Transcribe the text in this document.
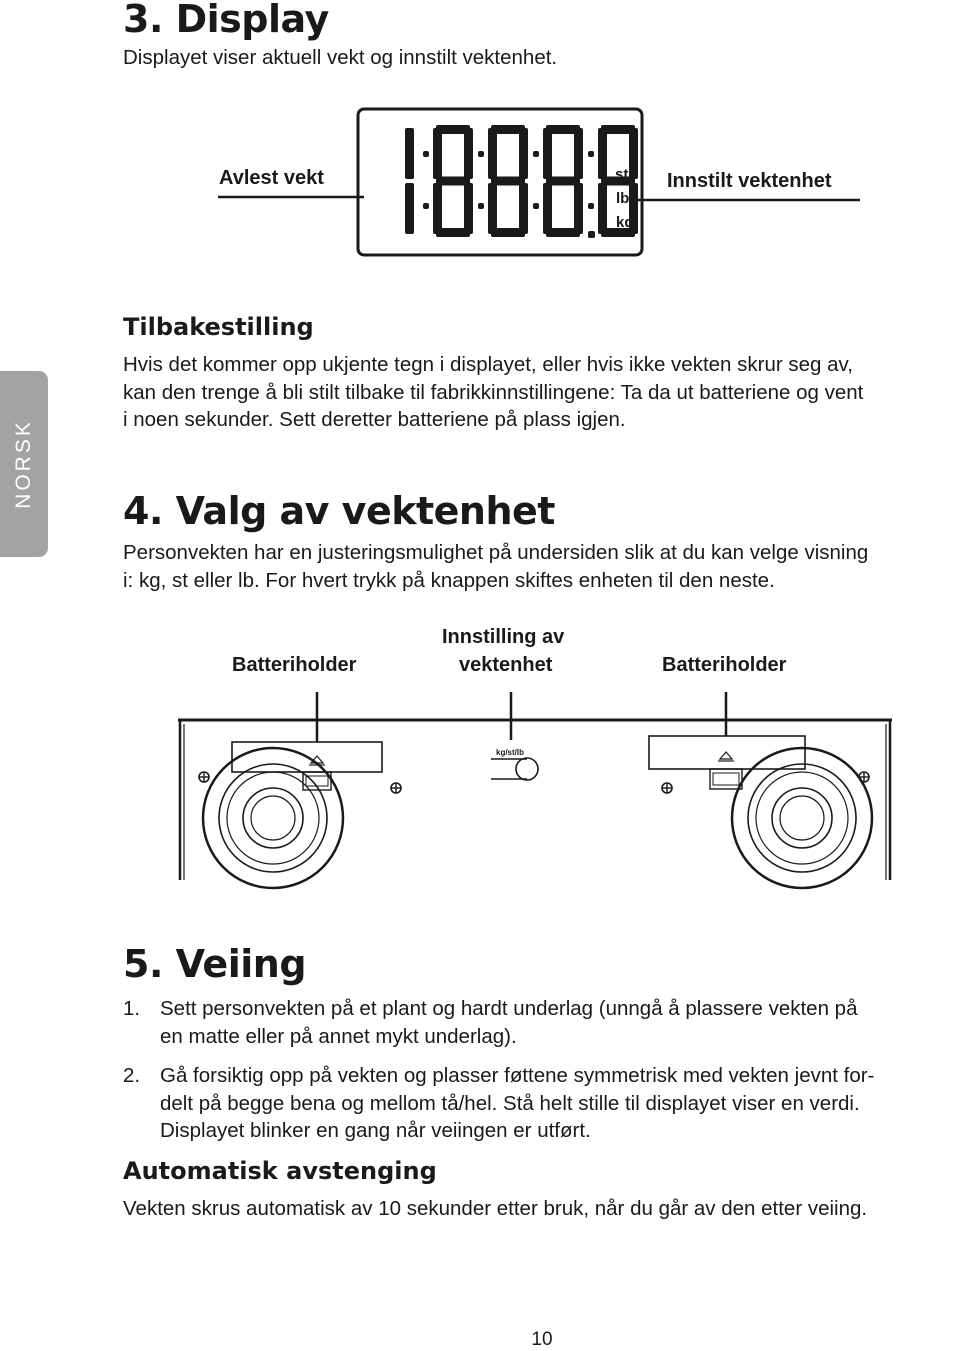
NORSK
3. Display
Displayet viser aktuell vekt og innstilt vektenhet.
st
lb
kg
Avlest vekt	Innstilt vektenhet
Tilbakestilling
Hvis det kommer opp ukjente tegn i displayet, eller hvis ikke vekten skrur seg av,
kan den trenge å bli stilt tilbake til fabrikkinnstillingene: Ta da ut batteriene og vent
i noen sekunder. Sett deretter batteriene på plass igjen.
4. Valg av vektenhet
Personvekten har en justeringsmulighet på undersiden slik at du kan velge visning
i: kg, st eller lb. For hvert trykk på knappen skiftes enheten til den neste.
Batteriholder
Innstilling av
vektenhet	Batteriholder
kg/st/lb
5. Veiing
1. Sett personvekten på et plant og hardt underlag (unngå å plassere vekten på
en matte eller på annet mykt underlag).
2. Gå forsiktig opp på vekten og plasser føttene symmetrisk med vekten jevnt for-
delt på begge bena og mellom tå/hel. Stå helt stille til displayet viser en verdi.
Displayet blinker en gang når veiingen er utført.
Automatisk avstenging
Vekten skrus automatisk av 10 sekunder etter bruk, når du går av den etter veiing.
10
